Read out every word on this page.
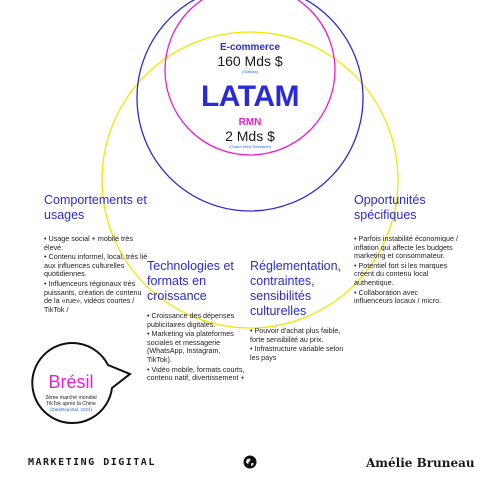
E-commerce
160 Mds $
(Statista)
LATAM
RMN
2 Mds $
(Grand View Research)
Comportements et usages

• Usage social + mobile très élevé.

• Contenu informel, local, très lié aux influences culturelles quotidiennes.

• Influenceurs régionaux très puissants, création de contenu de la «rue», vidéos courtes / TikTok /

Technologies et formats en croissance

• Croissance des dépenses publicitaires digitales.

• Marketing via plateformes sociales et messagerie (WhatsApp, Instagram, TikTok).

• Vidéo mobile, formats courts, contenu natif, divertissement +

Réglementation, contraintes, sensibilités culturelles

• Pouvoir d'achat plus faible, forte sensibilité au prix.

• Infrastructure variable selon les pays

Opportunités spécifiques

• Parfois instabilité économique / inflation qui affecte les budgets marketing et consommateur.

• Potentiel fort si les marques créent du contenu local authentique.

• Collaboration avec influenceurs locaux / micro.

Brésil
2ème marché mondial TikTok après la Chine
(DataReportal, 2024)
MARKETING DIGITAL	Amélie Bruneau
